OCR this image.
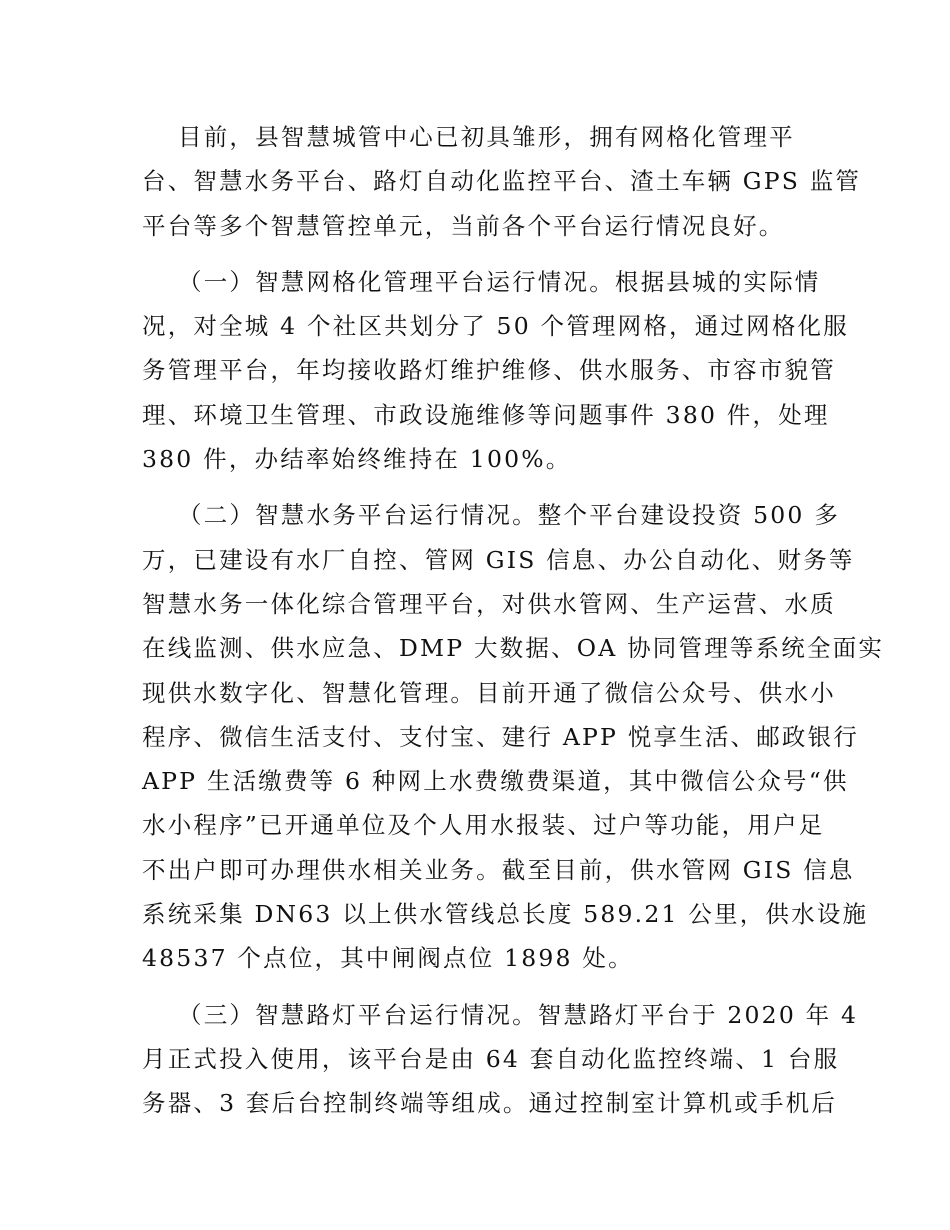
目前，县智慧城管中心已初具雏形，拥有网格化管理平
台、智慧水务平台、路灯自动化监控平台、渣土车辆 GPS 监管
平台等多个智慧管控单元，当前各个平台运行情况良好。

（一）智慧网格化管理平台运行情况。根据县城的实际情
况，对全城 4 个社区共划分了 50 个管理网格，通过网格化服
务管理平台，年均接收路灯维护维修、供水服务、市容市貌管
理、环境卫生管理、市政设施维修等问题事件 380 件，处理
380 件，办结率始终维持在 100%。

（二）智慧水务平台运行情况。整个平台建设投资 500 多
万，已建设有水厂自控、管网 GIS 信息、办公自动化、财务等
智慧水务一体化综合管理平台，对供水管网、生产运营、水质
在线监测、供水应急、DMP 大数据、OA 协同管理等系统全面实
现供水数字化、智慧化管理。目前开通了微信公众号、供水小
程序、微信生活支付、支付宝、建行 APP 悦享生活、邮政银行
APP 生活缴费等 6 种网上水费缴费渠道，其中微信公众号“供
水小程序”已开通单位及个人用水报装、过户等功能，用户足
不出户即可办理供水相关业务。截至目前，供水管网 GIS 信息
系统采集 DN63 以上供水管线总长度 589.21 公里，供水设施
48537 个点位，其中闸阀点位 1898 处。

（三）智慧路灯平台运行情况。智慧路灯平台于 2020 年 4
月正式投入使用，该平台是由 64 套自动化监控终端、1 台服
务器、3 套后台控制终端等组成。通过控制室计算机或手机后
